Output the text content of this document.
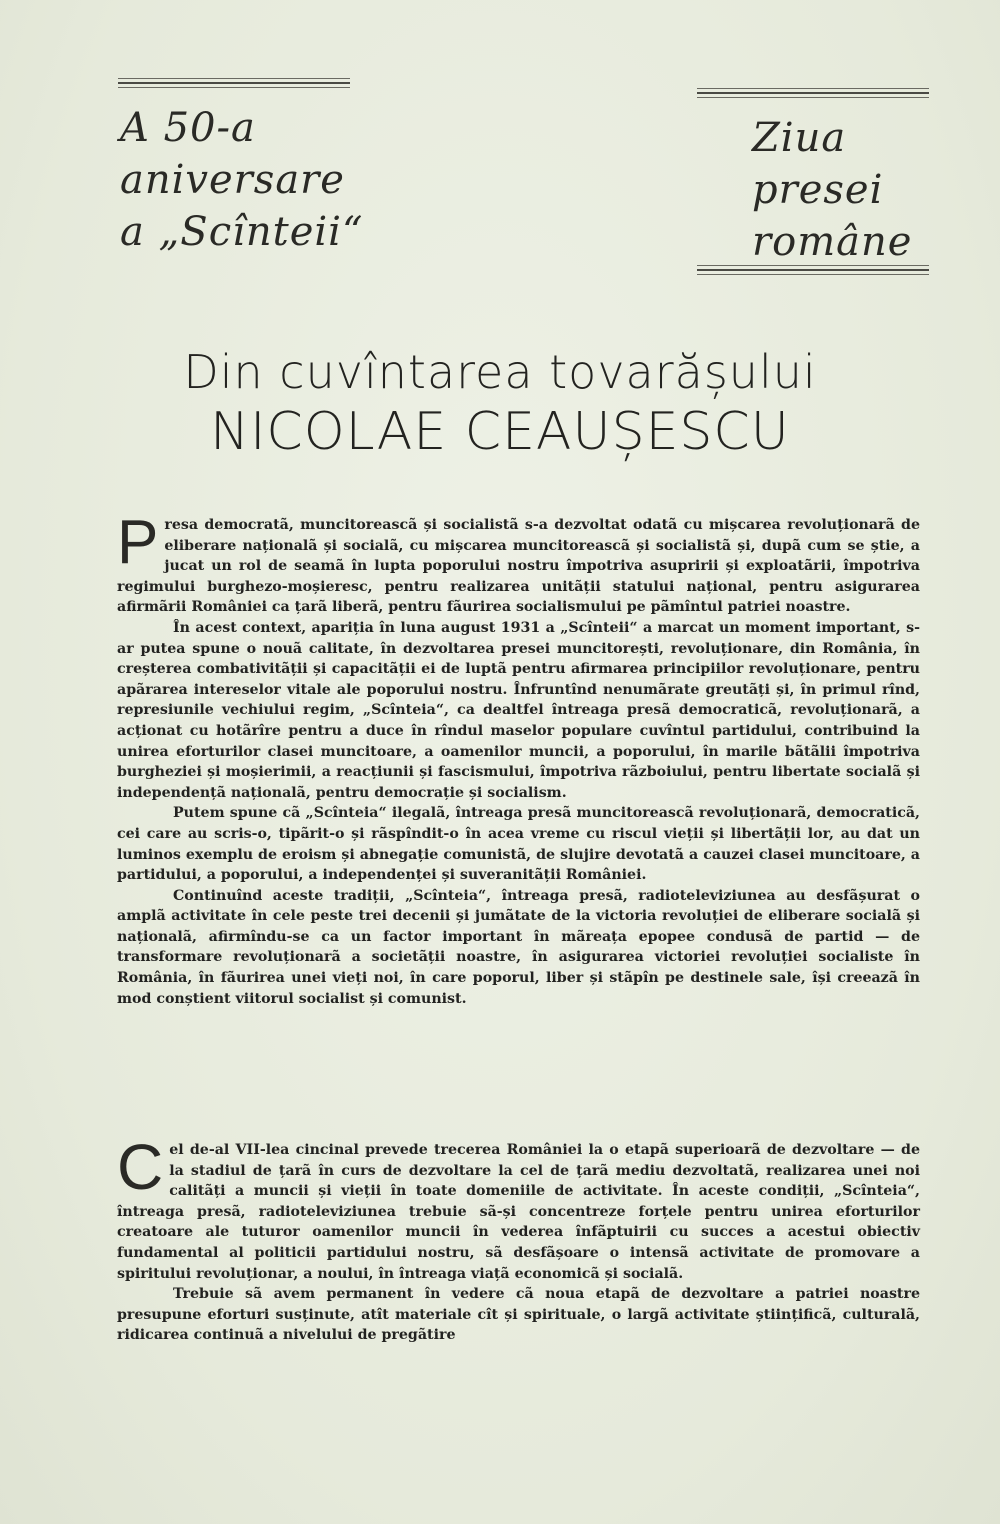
A 50-a
aniversare
a „Scînteii“
Ziua
presei
române
Din cuvîntarea tovarășului
NICOLAE CEAUȘESCU

Presa democratã, muncitoreascã și socialistã s-a dezvoltat odatã cu mișcarea revoluționarã de eliberare naționalã și socialã, cu mișcarea muncitoreascã și socialistã și, dupã cum se știe, a jucat un rol de seamã în lupta poporului nostru împotriva asupririi și exploatãrii, împotriva regimului burghezo-moșieresc, pentru realizarea unitãții statului național, pentru asigurarea afirmãrii României ca țarã liberã, pentru fãurirea socialismului pe pãmîntul patriei noastre.

În acest context, apariția în luna august 1931 a „Scînteii“ a marcat un moment important, s-ar putea spune o nouã calitate, în dezvoltarea presei muncitorești, revoluționare, din România, în creșterea combativitãții și capacitãții ei de luptã pentru afirmarea principiilor revoluționare, pentru apãrarea intereselor vitale ale poporului nostru. Înfruntînd nenumãrate greutãți și, în primul rînd, represiunile vechiului regim, „Scînteia“, ca dealtfel întreaga presã democraticã, revoluționarã, a acționat cu hotãrîre pentru a duce în rîndul maselor populare cuvîntul partidului, contribuind la unirea eforturilor clasei muncitoare, a oamenilor muncii, a poporului, în marile bãtãlii împotriva burgheziei și moșierimii, a reacțiunii și fascismului, împotriva rãzboiului, pentru libertate socialã și independențã naționalã, pentru democrație și socialism.

Putem spune cã „Scînteia“ ilegalã, întreaga presã muncitoreascã revoluționarã, democraticã, cei care au scris-o, tipãrit-o și rãspîndit-o în acea vreme cu riscul vieții și libertãții lor, au dat un luminos exemplu de eroism și abnegație comunistã, de slujire devotatã a cauzei clasei muncitoare, a partidului, a poporului, a independenței și suveranitãții României.

Continuînd aceste tradiții, „Scînteia“, întreaga presã, radioteleviziunea au desfãșurat o amplã activitate în cele peste trei decenii și jumãtate de la victoria revoluției de eliberare socialã și naționalã, afirmîndu-se ca un factor important în mãreața epopee condusã de partid — de transformare revoluționarã a societãții noastre, în asigurarea victoriei revoluției socialiste în România, în fãurirea unei vieți noi, în care poporul, liber și stãpîn pe destinele sale, își creeazã în mod conștient viitorul socialist și comunist.

Cel de-al VII-lea cincinal prevede trecerea României la o etapã superioarã de dezvoltare — de la stadiul de țarã în curs de dezvoltare la cel de țarã mediu dezvoltatã, realizarea unei noi calitãți a muncii și vieții în toate domeniile de activitate. În aceste condiții, „Scînteia“, întreaga presã, radioteleviziunea trebuie sã-și concentreze forțele pentru unirea eforturilor creatoare ale tuturor oamenilor muncii în vederea înfãptuirii cu succes a acestui obiectiv fundamental al politicii partidului nostru, sã desfãșoare o intensã activitate de promovare a spiritului revoluționar, a noului, în întreaga viațã economicã și socialã.

Trebuie sã avem permanent în vedere cã noua etapã de dezvoltare a patriei noastre presupune eforturi susținute, atît materiale cît și spirituale, o largã activitate științificã, culturalã, ridicarea continuã a nivelului de pregãtire
